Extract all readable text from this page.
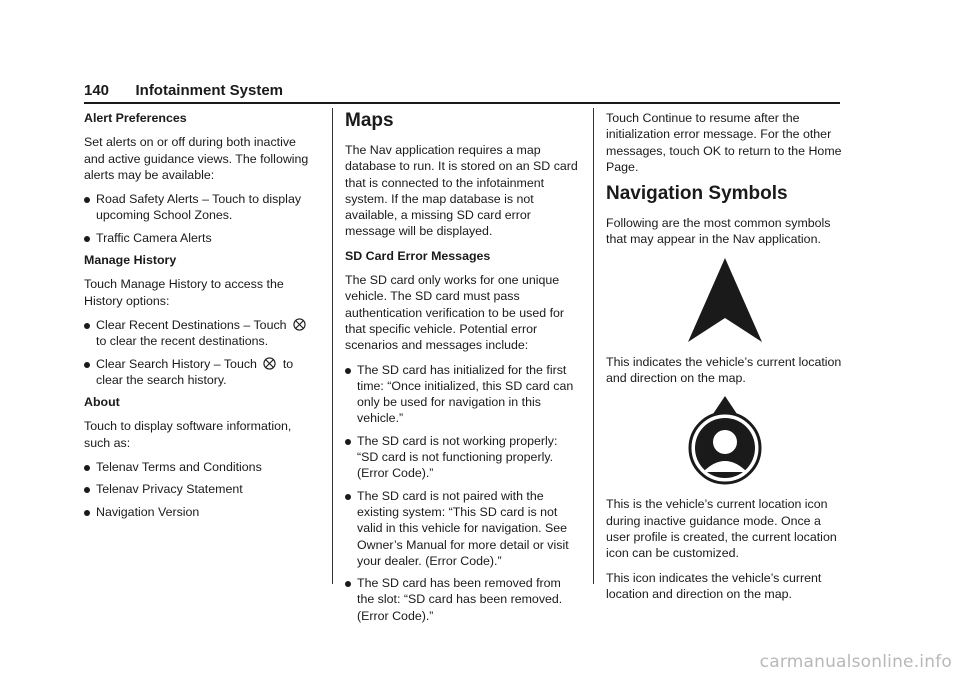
140 Infotainment System
Alert Preferences

Set alerts on or off during both inactive and active guidance views. The following alerts may be available:

Road Safety Alerts – Touch to display upcoming School Zones.
Traffic Camera Alerts
Manage History

Touch Manage History to access the History options:

Clear Recent Destinations – Touch  to clear the recent destinations.
Clear Search History – Touch to clear the search history.
About

Touch to display software information, such as:

Telenav Terms and Conditions
Telenav Privacy Statement
Navigation Version
Maps

The Nav application requires a map database to run. It is stored on an SD card that is connected to the infotainment system. If the map database is not available, a missing SD card error message will be displayed.

SD Card Error Messages

The SD card only works for one unique vehicle. The SD card must pass authentication verification to be used for that specific vehicle. Potential error scenarios and messages include:

The SD card has initialized for the first time: “Once initialized, this SD card can only be used for navigation in this vehicle.”
The SD card is not working properly: “SD card is not functioning properly. (Error Code).”
The SD card is not paired with the existing system: “This SD card is not valid in this vehicle for navigation. See Owner’s Manual for more detail or visit your dealer. (Error Code).”
The SD card has been removed from the slot: “SD card has been removed. (Error Code).”

Touch Continue to resume after the initialization error message. For the other messages, touch OK to return to the Home Page.

Navigation Symbols

Following are the most common symbols that may appear in the Nav application.

This indicates the vehicle’s current location and direction on the map.

This is the vehicle’s current location icon during inactive guidance mode. Once a user profile is created, the current location icon can be customized.

This icon indicates the vehicle’s current location and direction on the map.

carmanualsonline.info
